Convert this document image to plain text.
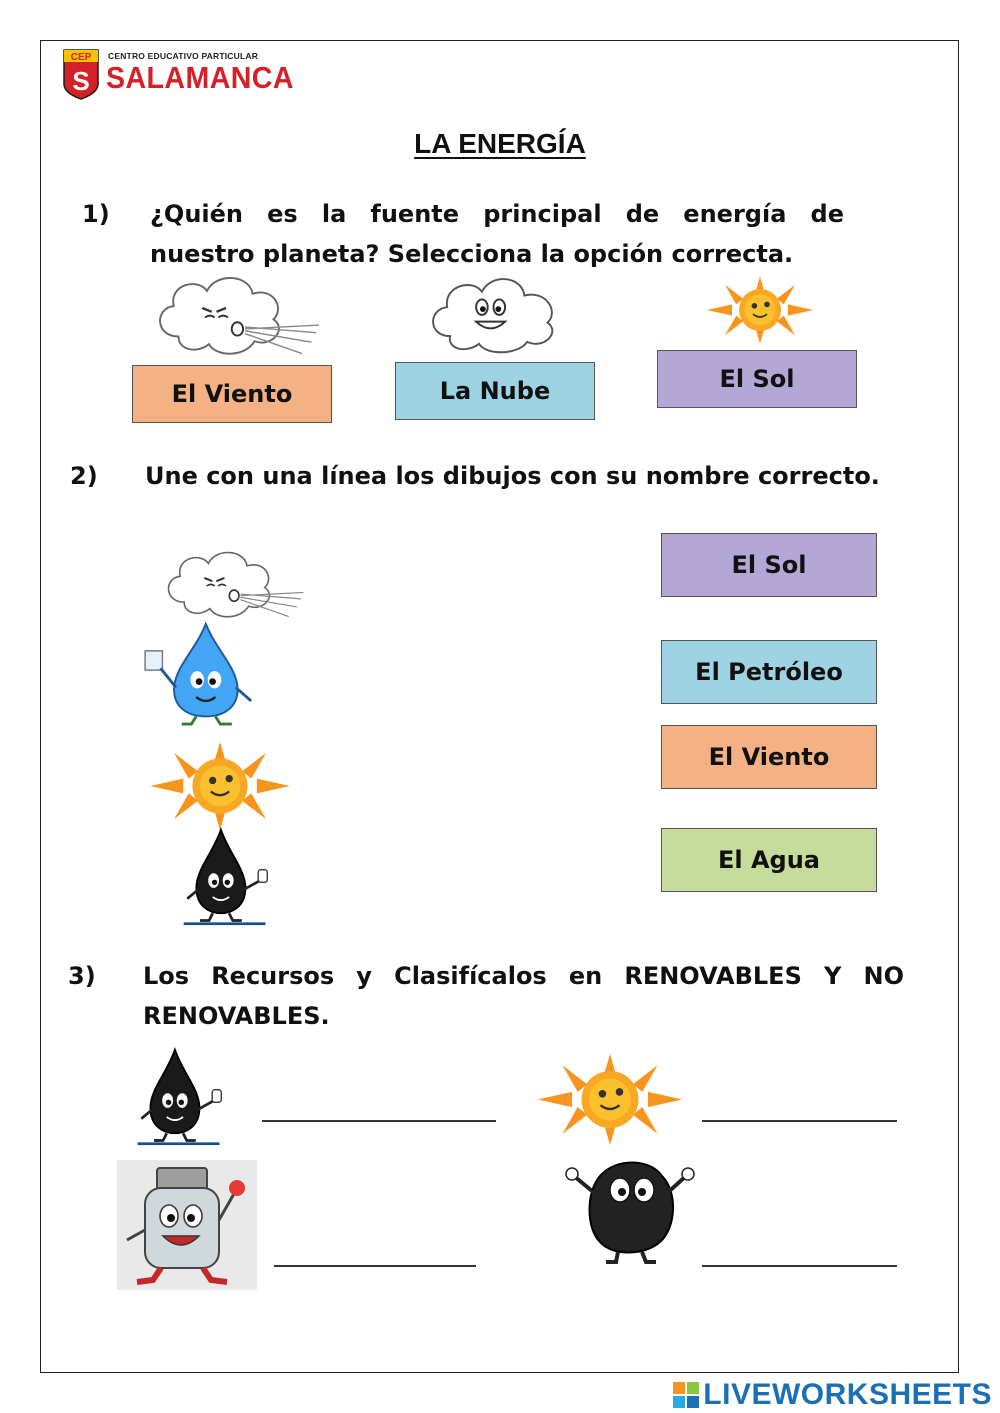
CEP
S
CENTRO EDUCATIVO PARTICULAR
SALAMANCA
LA ENERGÍA
1) ¿Quién es la fuente principal de energía de nuestro planeta? Selecciona la opción correcta.
El Viento	La Nube	El Sol
2) Une con una línea los dibujos con su nombre correcto.
El Sol
El Petróleo
El Viento
El Agua
3) Los Recursos y Clasifícalos en RENOVABLES Y NO RENOVABLES.
LIVEWORKSHEETS
